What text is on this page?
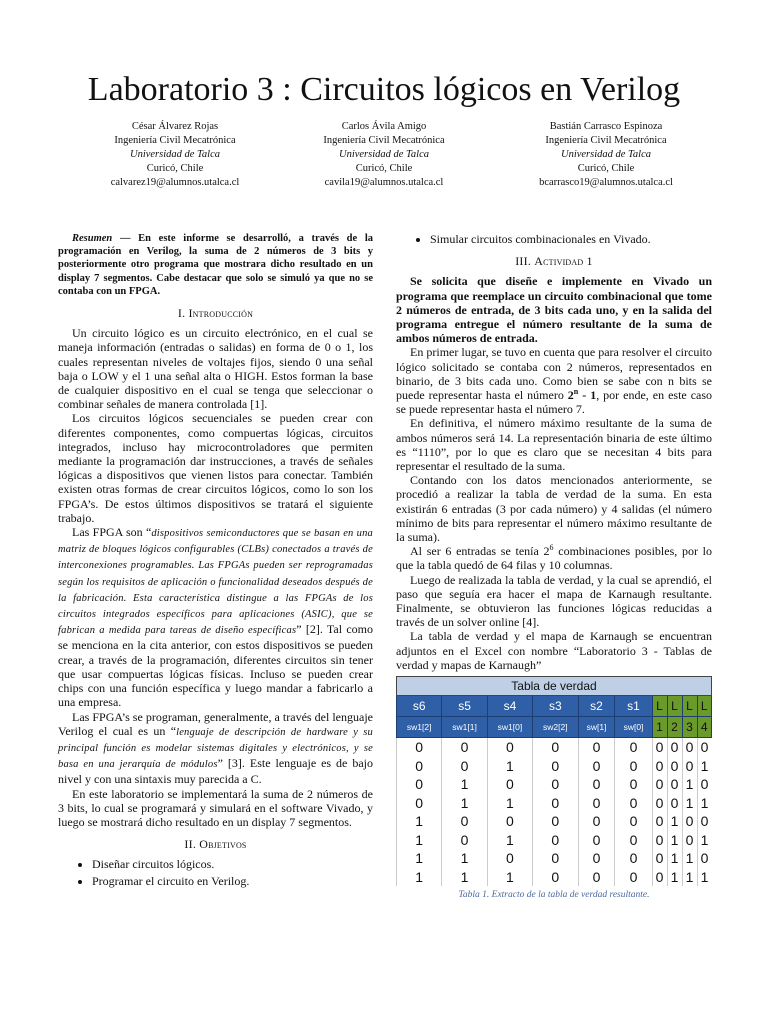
Laboratorio 3 : Circuitos lógicos en Verilog
César Álvarez Rojas
Ingeniería Civil Mecatrónica
Universidad de Talca
Curicó, Chile
calvarez19@alumnos.utalca.cl
Carlos Ávila Amigo
Ingeniería Civil Mecatrónica
Universidad de Talca
Curicó, Chile
cavila19@alumnos.utalca.cl
Bastián Carrasco Espinoza
Ingeniería Civil Mecatrónica
Universidad de Talca
Curicó, Chile
bcarrasco19@alumnos.utalca.cl

Resumen — En este informe se desarrolló, a través de la programación en Verilog, la suma de 2 números de 3 bits y posteriormente otro programa que mostrara dicho resultado en un display 7 segmentos. Cabe destacar que solo se simuló ya que no se contaba con un FPGA.

I. Introducción

Un circuito lógico es un circuito electrónico, en el cual se maneja información (entradas o salidas) en forma de 0 o 1, los cuales representan niveles de voltajes fijos, siendo 0 una señal baja o LOW y el 1 una señal alta o HIGH. Estos forman la base de cualquier dispositivo en el cual se tenga que seleccionar o combinar señales de manera controlada [1].

Los circuitos lógicos secuenciales se pueden crear con diferentes componentes, como compuertas lógicas, circuitos integrados, incluso hay microcontroladores que permiten mediante la programación dar instrucciones, a través de señales lógicas a dispositivos que vienen listos para conectar. También existen otras formas de crear circuitos lógicos, como lo son los FPGA’s. De estos últimos dispositivos se tratará el siguiente trabajo.

Las FPGA son “dispositivos semiconductores que se basan en una matriz de bloques lógicos configurables (CLBs) conectados a través de interconexiones programables. Las FPGAs pueden ser reprogramadas según los requisitos de aplicación o funcionalidad deseados después de la fabricación. Esta característica distingue a las FPGAs de los circuitos integrados específicos para aplicaciones (ASIC), que se fabrican a medida para tareas de diseño específicas” [2]. Tal como se menciona en la cita anterior, con estos dispositivos se pueden crear, a través de la programación, diferentes circuitos sin tener que usar compuertas lógicas físicas. Incluso se pueden crear chips con una función específica y luego mandar a fabricarlo a una empresa.

Las FPGA’s se programan, generalmente, a través del lenguaje Verilog el cual es un “lenguaje de descripción de hardware y su principal función es modelar sistemas digitales y electrónicos, y se basa en una jerarquía de módulos” [3]. Este lenguaje es de bajo nivel y con una sintaxis muy parecida a C.

En este laboratorio se implementará la suma de 2 números de 3 bits, lo cual se programará y simulará en el software Vivado, y luego se mostrará dicho resultado en un display 7 segmentos.

II. Objetivos
• Diseñar circuitos lógicos.
• Programar el circuito en Verilog.
• Simular circuitos combinacionales en Vivado.
III. Actividad 1

Se solicita que diseñe e implemente en Vivado un programa que reemplace un circuito combinacional que tome 2 números de entrada, de 3 bits cada uno, y en la salida del programa entregue el número resultante de la suma de ambos números de entrada.

En primer lugar, se tuvo en cuenta que para resolver el circuito lógico solicitado se contaba con 2 números, representados en binario, de 3 bits cada uno. Como bien se sabe con n bits se puede representar hasta el número 2$^n$ - 1, por ende, en este caso se puede representar hasta el número 7.

En definitiva, el número máximo resultante de la suma de ambos números será 14. La representación binaria de este último es “1110”, por lo que es claro que se necesitan 4 bits para representar el resultado de la suma.

Contando con los datos mencionados anteriormente, se procedió a realizar la tabla de verdad de la suma. En esta existirán 6 entradas (3 por cada número) y 4 salidas (el número mínimo de bits para representar el número máximo resultante de la suma).

Al ser 6 entradas se tenía $2^6$ combinaciones posibles, por lo que la tabla quedó de 64 filas y 10 columnas.

Luego de realizada la tabla de verdad, y la cual se aprendió, el paso que seguía era hacer el mapa de Karnaugh resultante. Finalmente, se obtuvieron las funciones lógicas reducidas a través de un solver online [4].

La tabla de verdad y el mapa de Karnaugh se encuentran adjuntos en el Excel con nombre “Laboratorio 3 - Tablas de verdad y mapas de Karnaugh”

Tabla de verdad									
s6	s5	s4	s3	s2	s1	L	L	L	L
sw1[2]	sw1[1]	sw1[0]	sw2[2]	sw[1]	sw[0]	1	2	3	4
0	0	0	0	0	0	0	0	0	0
0	0	1	0	0	0	0	0	0	1
0	1	0	0	0	0	0	0	1	0
0	1	1	0	0	0	0	0	1	1
1	0	0	0	0	0	0	1	0	0
1	0	1	0	0	0	0	1	0	1
1	1	0	0	0	0	0	1	1	0
1	1	1	0	0	0	0	1	1	1
Tabla 1. Extracto de la tabla de verdad resultante.
